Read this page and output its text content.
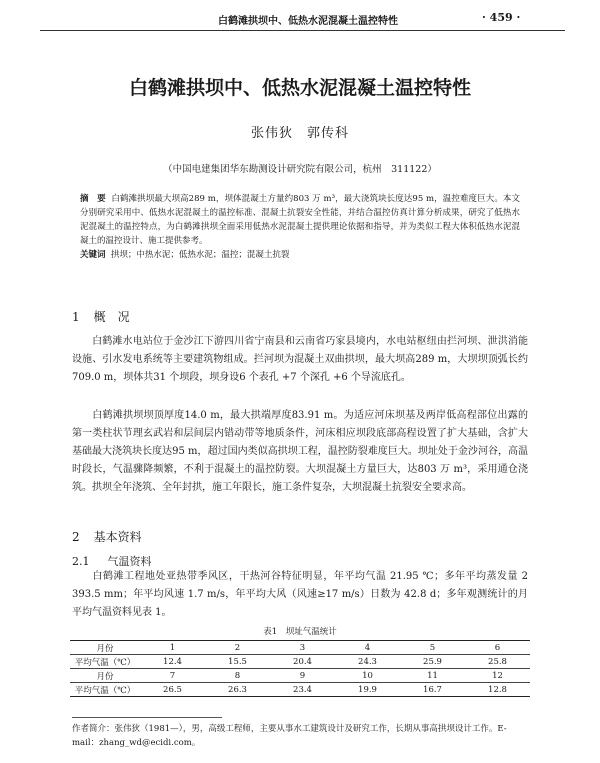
白鹤滩拱坝中、低热水泥混凝土温控特性	· 459 ·
白鹤滩拱坝中、低热水泥混凝土温控特性
张伟狄　郭传科
（中国电建集团华东勘测设计研究院有限公司，杭州　311122）
摘　要 白鹤滩拱坝最大坝高289 m，坝体混凝土方量约803 万 m³，最大浇筑块长度达95 m，温控难度巨大。本文分别研究采用中、低热水泥混凝土的温控标准、混凝土抗裂安全性能，并结合温控仿真计算分析成果，研究了低热水泥混凝土的温控特点，为白鹤滩拱坝全面采用低热水泥混凝土提供理论依据和指导，并为类似工程大体积低热水泥混凝土的温控设计、施工提供参考。
关键词 拱坝；中热水泥；低热水泥；温控；混凝土抗裂
1 概　况
白鹤滩水电站位于金沙江下游四川省宁南县和云南省巧家县境内，水电站枢纽由拦河坝、泄洪消能设施、引水发电系统等主要建筑物组成。拦河坝为混凝土双曲拱坝，最大坝高289 m，大坝坝顶弧长约709.0 m，坝体共31 个坝段，坝身设6 个表孔 +7 个深孔 +6 个导流底孔。
白鹤滩拱坝坝顶厚度14.0 m，最大拱端厚度83.91 m。为适应河床坝基及两岸低高程部位出露的第一类柱状节理玄武岩和层间层内错动带等地质条件，河床相应坝段底部高程设置了扩大基础，含扩大基础最大浇筑块长度达95 m，超过国内类似高拱坝工程，温控防裂难度巨大。坝址处于金沙河谷，高温时段长，气温骤降频繁，不利于混凝土的温控防裂。大坝混凝土方量巨大，达803 万 m³，采用通仓浇筑。拱坝全年浇筑、全年封拱，施工年限长，施工条件复杂，大坝混凝土抗裂安全要求高。
2 基本资料
2.1 气温资料
白鹤滩工程地处亚热带季风区，干热河谷特征明显，年平均气温 21.95 ℃；多年平均蒸发量 2 393.5 mm；年平均风速 1.7 m/s，年平均大风（风速≥17 m/s）日数为 42.8 d；多年观测统计的月平均气温资料见表 1。
表1　坝址气温统计
月份	1	2	3	4	5	6
平均气温（℃）	12.4	15.5	20.4	24.3	25.9	25.8
月份	7	8	9	10	11	12
平均气温（℃）	26.5	26.3	23.4	19.9	16.7	12.8
作者简介：张伟狄（1981—），男，高级工程师，主要从事水工建筑设计及研究工作，长期从事高拱坝设计工作。E-mail：zhang_wd@ecidi.com。
